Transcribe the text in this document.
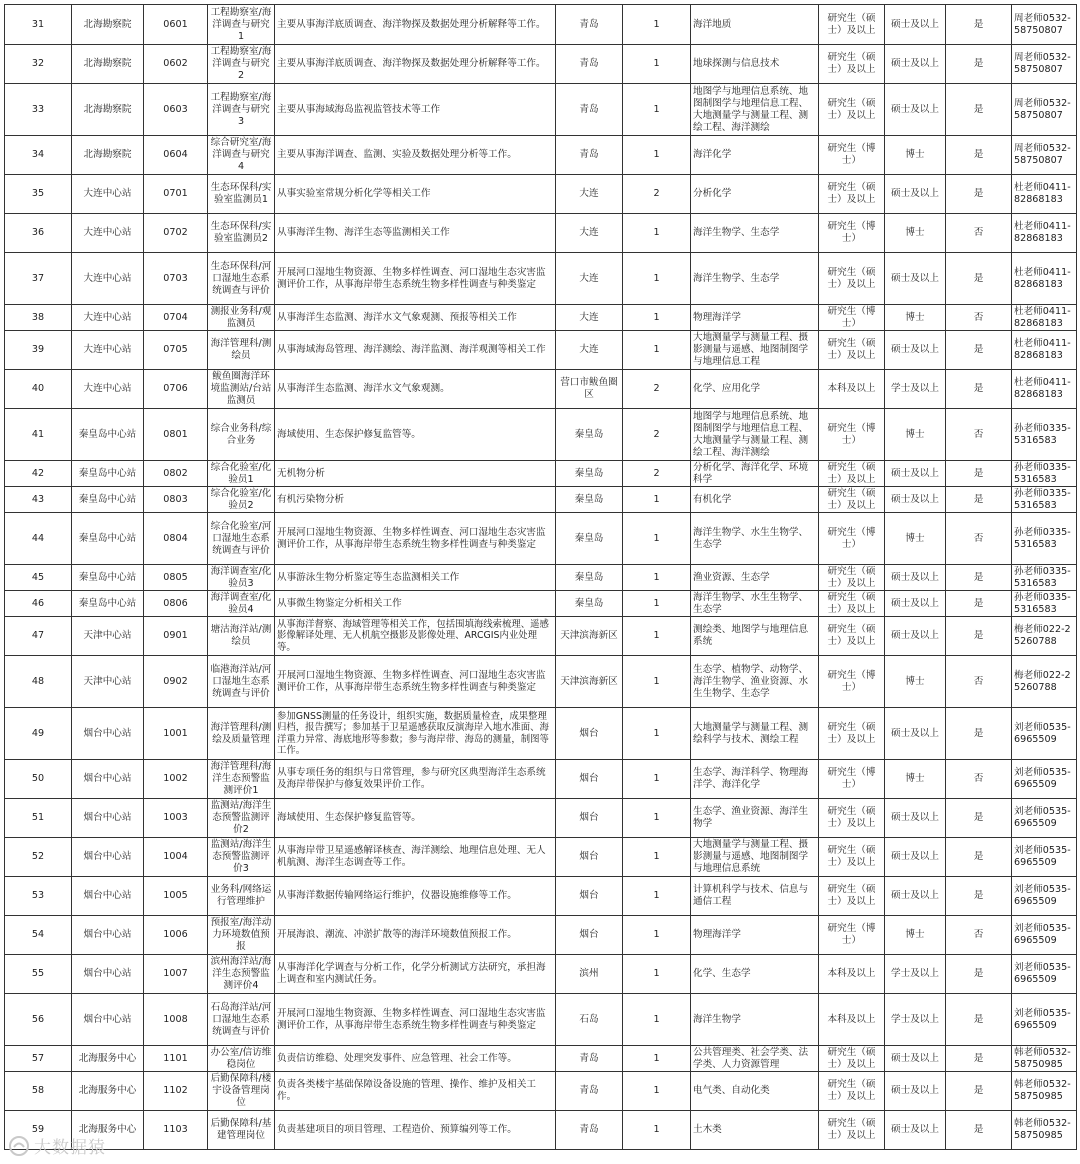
31	北海勘察院	0601	工程勘察室/海洋调查与研究1	主要从事海洋底质调查、海洋物探及数据处理分析解释等工作。	青岛	1	海洋地质	研究生（硕士）及以上	硕士及以上	是	周老师0532-58750807
32	北海勘察院	0602	工程勘察室/海洋调查与研究2	主要从事海洋底质调查、海洋物探及数据处理分析解释等工作。	青岛	1	地球探测与信息技术	研究生（硕士）及以上	硕士及以上	是	周老师0532-58750807
33	北海勘察院	0603	工程勘察室/海洋调查与研究3	主要从事海域海岛监视监管技术等工作	青岛	1	地图学与地理信息系统、地图制图学与地理信息工程、大地测量学与测量工程、测绘工程、海洋测绘	研究生（硕士）及以上	硕士及以上	是	周老师0532-58750807
34	北海勘察院	0604	综合研究室/海洋调查与研究4	主要从事海洋调查、监测、实验及数据处理分析等工作。	青岛	1	海洋化学	研究生（博士）	博士	是	周老师0532-58750807
35	大连中心站	0701	生态环保科/实验室监测员1	从事实验室常规分析化学等相关工作	大连	2	分析化学	研究生（硕士）及以上	硕士及以上	是	杜老师0411-82868183
36	大连中心站	0702	生态环保科/实验室监测员2	从事海洋生物、海洋生态等监测相关工作	大连	1	海洋生物学、生态学	研究生（博士）	博士	否	杜老师0411-82868183
37	大连中心站	0703	生态环保科/河口湿地生态系统调查与评价	开展河口湿地生物资源、生物多样性调查、河口湿地生态灾害监测评价工作，从事海岸带生态系统生物多样性调查与种类鉴定	大连	1	海洋生物学、生态学	研究生（硕士）及以上	硕士及以上	是	杜老师0411-82868183
38	大连中心站	0704	测报业务科/观监测员	从事海洋生态监测、海洋水文气象观测、预报等相关工作	大连	1	物理海洋学	研究生（博士）	博士	否	杜老师0411-82868183
39	大连中心站	0705	海洋管理科/测绘员	从事海域海岛管理、海洋测绘、海洋监测、海洋观测等相关工作	大连	1	大地测量学与测量工程、摄影测量与遥感、地图制图学与地理信息工程	研究生（硕士）及以上	硕士及以上	是	杜老师0411-82868183
40	大连中心站	0706	鲅鱼圈海洋环境监测站/台站监测员	从事海洋生态监测、海洋水文气象观测。	营口市鲅鱼圈区	2	化学、应用化学	本科及以上	学士及以上	是	杜老师0411-82868183
41	秦皇岛中心站	0801	综合业务科/综合业务	海域使用、生态保护修复监管等。	秦皇岛	2	地图学与地理信息系统、地图制图学与地理信息工程、大地测量学与测量工程、测绘工程、海洋测绘	研究生（博士）	博士	否	孙老师0335-5316583
42	秦皇岛中心站	0802	综合化验室/化验员1	无机物分析	秦皇岛	2	分析化学、海洋化学、环境科学	研究生（硕士）及以上	硕士及以上	是	孙老师0335-5316583
43	秦皇岛中心站	0803	综合化验室/化验员2	有机污染物分析	秦皇岛	1	有机化学	研究生（硕士）及以上	硕士及以上	是	孙老师0335-5316583
44	秦皇岛中心站	0804	综合化验室/河口湿地生态系统调查与评价	开展河口湿地生物资源、生物多样性调查、河口湿地生态灾害监测评价工作，从事海岸带生态系统生物多样性调查与种类鉴定	秦皇岛	1	海洋生物学、水生生物学、生态学	研究生（博士）	博士	否	孙老师0335-5316583
45	秦皇岛中心站	0805	海洋调查室/化验员3	从事游泳生物分析鉴定等生态监测相关工作	秦皇岛	1	渔业资源、生态学	研究生（硕士）及以上	硕士及以上	是	孙老师0335-5316583
46	秦皇岛中心站	0806	海洋调查室/化验员4	从事微生物鉴定分析相关工作	秦皇岛	1	海洋生物学、水生生物学、生态学	研究生（硕士）及以上	硕士及以上	是	孙老师0335-5316583
47	天津中心站	0901	塘沽海洋站/测绘员	从事海洋督察、海域管理等相关工作，包括围填海线索梳理、遥感影像解译处理、无人机航空摄影及影像处理、ARCGIS内业处理等。	天津滨海新区	1	测绘类、地图学与地理信息系统	研究生（硕士）及以上	硕士及以上	是	梅老师022-25260788
48	天津中心站	0902	临港海洋站/河口湿地生态系统调查与评价	开展河口湿地生物资源、生物多样性调查、河口湿地生态灾害监测评价工作，从事海岸带生态系统生物多样性调查与种类鉴定	天津滨海新区	1	生态学、植物学、动物学、海洋生物学、渔业资源、水生生物学、生态学	研究生（博士）	博士	否	梅老师022-25260788
49	烟台中心站	1001	海洋管理科/测绘及质量管理	参加GNSS测量的任务设计，组织实施，数据质量检查，成果整理归档，报告撰写；参加基于卫星遥感获取反演海岸入地水准面、海洋重力异常、海底地形等参数；参与海岸带、海岛的测量，制图等工作。	烟台	1	大地测量学与测量工程、测绘科学与技术、测绘工程	研究生（硕士）及以上	硕士及以上	是	刘老师0535-6965509
50	烟台中心站	1002	海洋管理科/海洋生态预警监测评价1	从事专项任务的组织与日常管理，参与研究区典型海洋生态系统及海岸带保护与修复效果评价工作。	烟台	1	生态学、海洋科学、物理海洋学、海洋化学	研究生（博士）	博士	否	刘老师0535-6965509
51	烟台中心站	1003	监测站/海洋生态预警监测评价2	海域使用、生态保护修复监管等。	烟台	1	生态学、渔业资源、海洋生物学	研究生（硕士）及以上	硕士及以上	是	刘老师0535-6965509
52	烟台中心站	1004	监测站/海洋生态预警监测评价3	从事海岸带卫星遥感解译核查、海洋测绘、地理信息处理、无人机航测、海洋生态调查等工作。	烟台	1	大地测量学与测量工程、摄影测量与遥感、地图制图学与地理信息系统	研究生（硕士）及以上	硕士及以上	是	刘老师0535-6965509
53	烟台中心站	1005	业务科/网络运行管理维护	从事海洋数据传输网络运行维护，仪器设施维修等工作。	烟台	1	计算机科学与技术、信息与通信工程	研究生（硕士）及以上	硕士及以上	是	刘老师0535-6965509
54	烟台中心站	1006	预报室/海洋动力环境数值预报	开展海浪、潮流、冲淤扩散等的海洋环境数值预报工作。	烟台	1	物理海洋学	研究生（博士）	博士	否	刘老师0535-6965509
55	烟台中心站	1007	滨州海洋站/海洋生态预警监测评价4	从事海洋化学调查与分析工作，化学分析测试方法研究，承担海上调查和室内测试任务。	滨州	1	化学、生态学	本科及以上	学士及以上	是	刘老师0535-6965509
56	烟台中心站	1008	石岛海洋站/河口湿地生态系统调查与评价	开展河口湿地生物资源、生物多样性调查、河口湿地生态灾害监测评价工作，从事海岸带生态系统生物多样性调查与种类鉴定	石岛	1	海洋生物学	本科及以上	学士及以上	是	刘老师0535-6965509
57	北海服务中心	1101	办公室/信访维稳岗位	负责信访维稳、处理突发事件、应急管理、社会工作等。	青岛	1	公共管理类、社会学类、法学类、人力资源管理	研究生（硕士）及以上	硕士及以上	是	韩老师0532-58750985
58	北海服务中心	1102	后勤保障科/楼宇设备管理岗位	负责各类楼宇基础保障设备设施的管理、操作、维护及相关工作。	青岛	1	电气类、自动化类	研究生（硕士）及以上	硕士及以上	是	韩老师0532-58750985
59	北海服务中心	1103	后勤保障科/基建管理岗位	负责基建项目的项目管理、工程造价、预算编列等工作。	青岛	1	土木类	研究生（硕士）及以上	硕士及以上	是	韩老师0532-58750985
大数据猿
